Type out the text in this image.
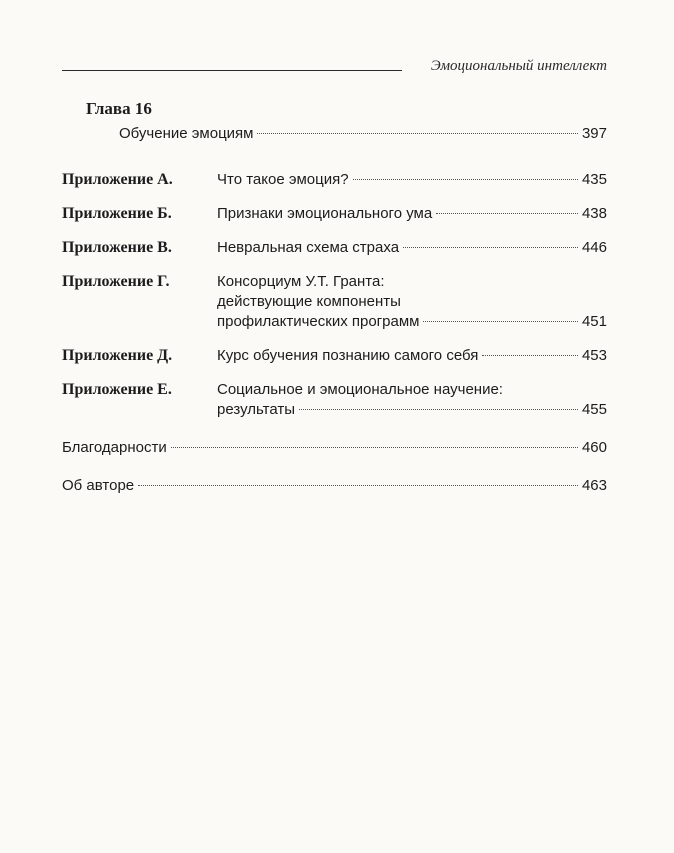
Эмоциональный интеллект
Глава 16
Обучение эмоциям	397
Приложение А.	Что такое эмоция?	435
Приложение Б.	Признаки эмоционального ума	438
Приложение В.	Невральная схема страха	446
Приложение Г.	Консорциум У.Т. Гранта:
действующие компоненты
профилактических программ	451
Приложение Д.	Курс обучения познанию самого себя	453
Приложение Е.	Социальное и эмоциональное научение:
результаты	455
Благодарности	460
Об авторе	463
